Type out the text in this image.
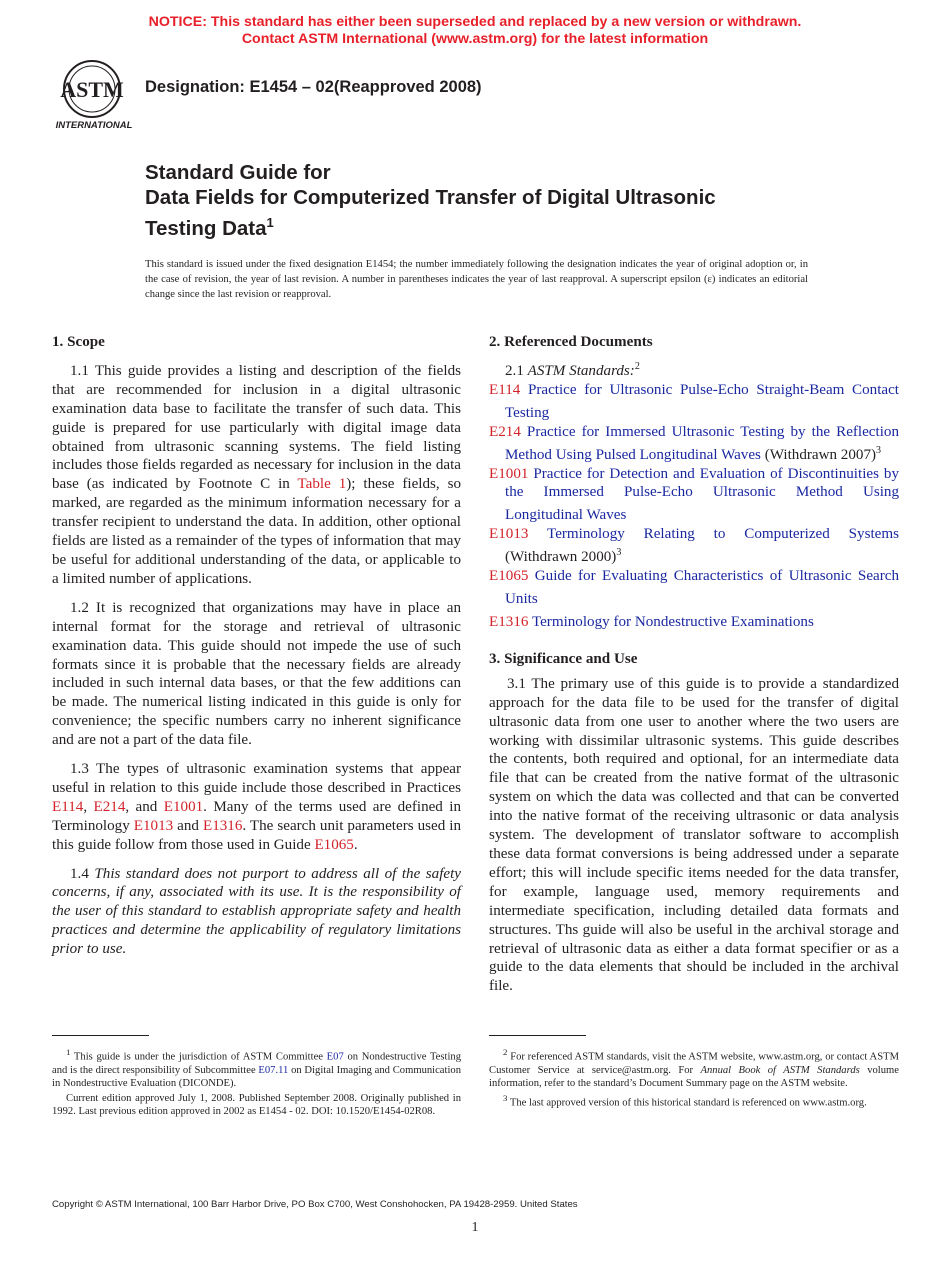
NOTICE: This standard has either been superseded and replaced by a new version or withdrawn.
Contact ASTM International (www.astm.org) for the latest information
ASTM
INTERNATIONAL
Designation: E1454 – 02(Reapproved 2008)
Standard Guide for
Data Fields for Computerized Transfer of Digital Ultrasonic
Testing Data$^1$
This standard is issued under the fixed designation E1454; the number immediately following the designation indicates the year of original adoption or, in the case of revision, the year of last revision. A number in parentheses indicates the year of last reapproval. A superscript epsilon (ε) indicates an editorial change since the last revision or reapproval.
1. Scope

1.1 This guide provides a listing and description of the fields that are recommended for inclusion in a digital ultrasonic examination data base to facilitate the transfer of such data. This guide is prepared for use particularly with digital image data obtained from ultrasonic scanning systems. The field listing includes those fields regarded as necessary for inclusion in the data base (as indicated by Footnote C in Table 1); these fields, so marked, are regarded as the minimum information necessary for a transfer recipient to understand the data. In addition, other optional fields are listed as a remainder of the types of information that may be useful for additional understanding of the data, or applicable to a limited number of applications.

1.2 It is recognized that organizations may have in place an internal format for the storage and retrieval of ultrasonic examination data. This guide should not impede the use of such formats since it is probable that the necessary fields are already included in such internal data bases, or that the few additions can be made. The numerical listing indicated in this guide is only for convenience; the specific numbers carry no inherent significance and are not a part of the data file.

1.3 The types of ultrasonic examination systems that appear useful in relation to this guide include those described in Practices E114, E214, and E1001. Many of the terms used are defined in Terminology E1013 and E1316. The search unit parameters used in this guide follow from those used in Guide E1065.

1.4 This standard does not purport to address all of the safety concerns, if any, associated with its use. It is the responsibility of the user of this standard to establish appropriate safety and health practices and determine the applicability of regulatory limitations prior to use.

2. Referenced Documents
2.1 ASTM Standards:$^2$
E114 Practice for Ultrasonic Pulse-Echo Straight-Beam Contact Testing
E214 Practice for Immersed Ultrasonic Testing by the Reflection Method Using Pulsed Longitudinal Waves (Withdrawn 2007)$^3$
E1001 Practice for Detection and Evaluation of Discontinuities by the Immersed Pulse-Echo Ultrasonic Method Using Longitudinal Waves
E1013 Terminology Relating to Computerized Systems (Withdrawn 2000)$^3$
E1065 Guide for Evaluating Characteristics of Ultrasonic Search Units
E1316 Terminology for Nondestructive Examinations
3. Significance and Use

3.1 The primary use of this guide is to provide a standardized approach for the data file to be used for the transfer of digital ultrasonic data from one user to another where the two users are working with dissimilar ultrasonic systems. This guide describes the contents, both required and optional, for an intermediate data file that can be created from the native format of the ultrasonic system on which the data was collected and that can be converted into the native format of the receiving ultrasonic or data analysis system. The development of translator software to accomplish these data format conversions is being addressed under a separate effort; this will include specific items needed for the data transfer, for example, language used, memory requirements and intermediate specification, including detailed data formats and structures. Ths guide will also be useful in the archival storage and retrieval of ultrasonic data as either a data format specifier or as a guide to the data elements that should be included in the archival file.

$^1$ This guide is under the jurisdiction of ASTM Committee E07 on Nondestructive Testing and is the direct responsibility of Subcommittee E07.11 on Digital Imaging and Communication in Nondestructive Evaluation (DICONDE).

Current edition approved July 1, 2008. Published September 2008. Originally published in 1992. Last previous edition approved in 2002 as E1454 - 02. DOI: 10.1520/E1454-02R08.

$^2$ For referenced ASTM standards, visit the ASTM website, www.astm.org, or contact ASTM Customer Service at service@astm.org. For Annual Book of ASTM Standards volume information, refer to the standard’s Document Summary page on the ASTM website.

$^3$ The last approved version of this historical standard is referenced on www.astm.org.

Copyright © ASTM International, 100 Barr Harbor Drive, PO Box C700, West Conshohocken, PA 19428-2959. United States
1
